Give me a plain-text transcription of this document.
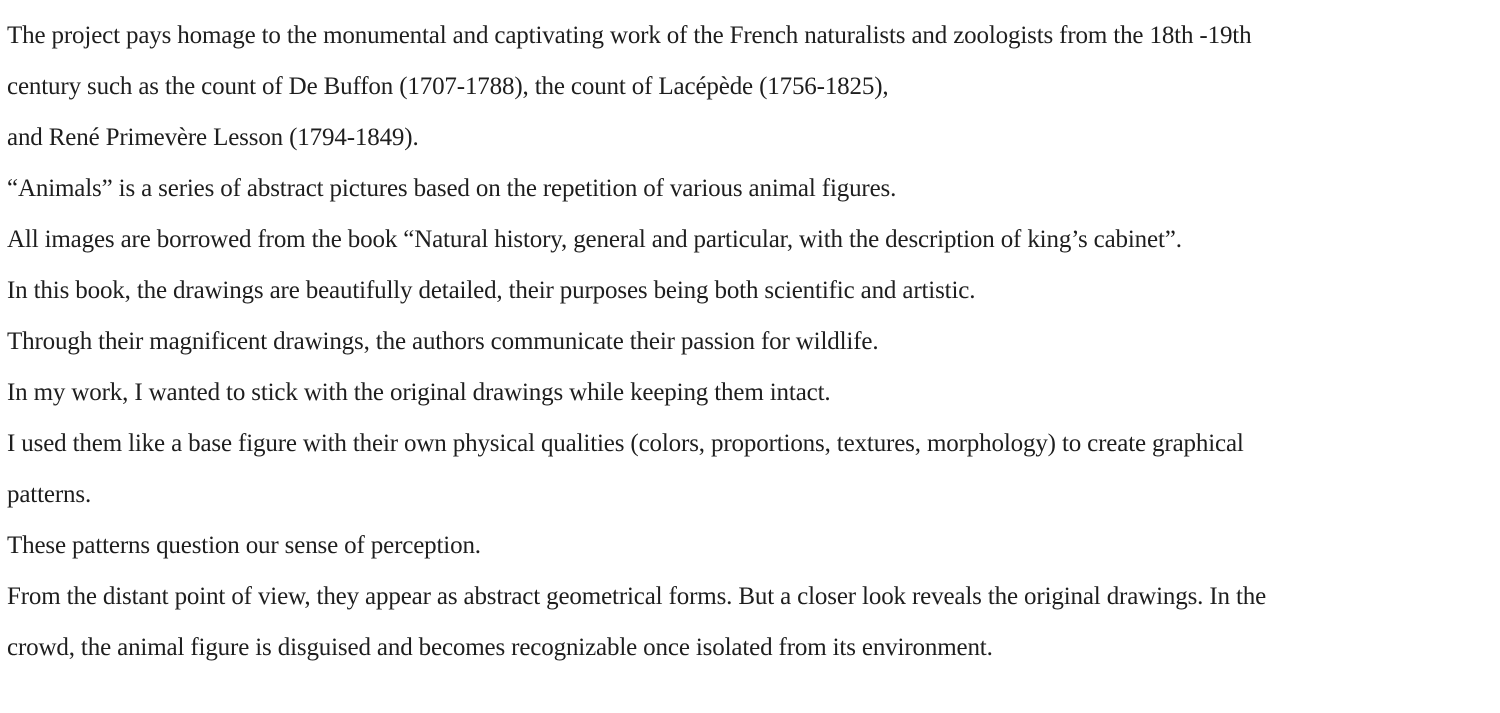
The project pays homage to the monumental and captivating work of the French naturalists and zoologists from the 18th -19th

century such as the count of De Buffon (1707-1788), the count of Lacépède (1756-1825),

and René Primevère Lesson (1794-1849).

“Animals” is a series of abstract pictures based on the repetition of various animal figures.

All images are borrowed from the book “Natural history, general and particular, with the description of king’s cabinet”.

In this book, the drawings are beautifully detailed, their purposes being both scientific and artistic.

Through their magnificent drawings, the authors communicate their passion for wildlife.

In my work, I wanted to stick with the original drawings while keeping them intact.

I used them like a base figure with their own physical qualities (colors, proportions, textures, morphology) to create graphical

patterns.

These patterns question our sense of perception.

From the distant point of view, they appear as abstract geometrical forms. But a closer look reveals the original drawings. In the

crowd, the animal figure is disguised and becomes recognizable once isolated from its environment.
